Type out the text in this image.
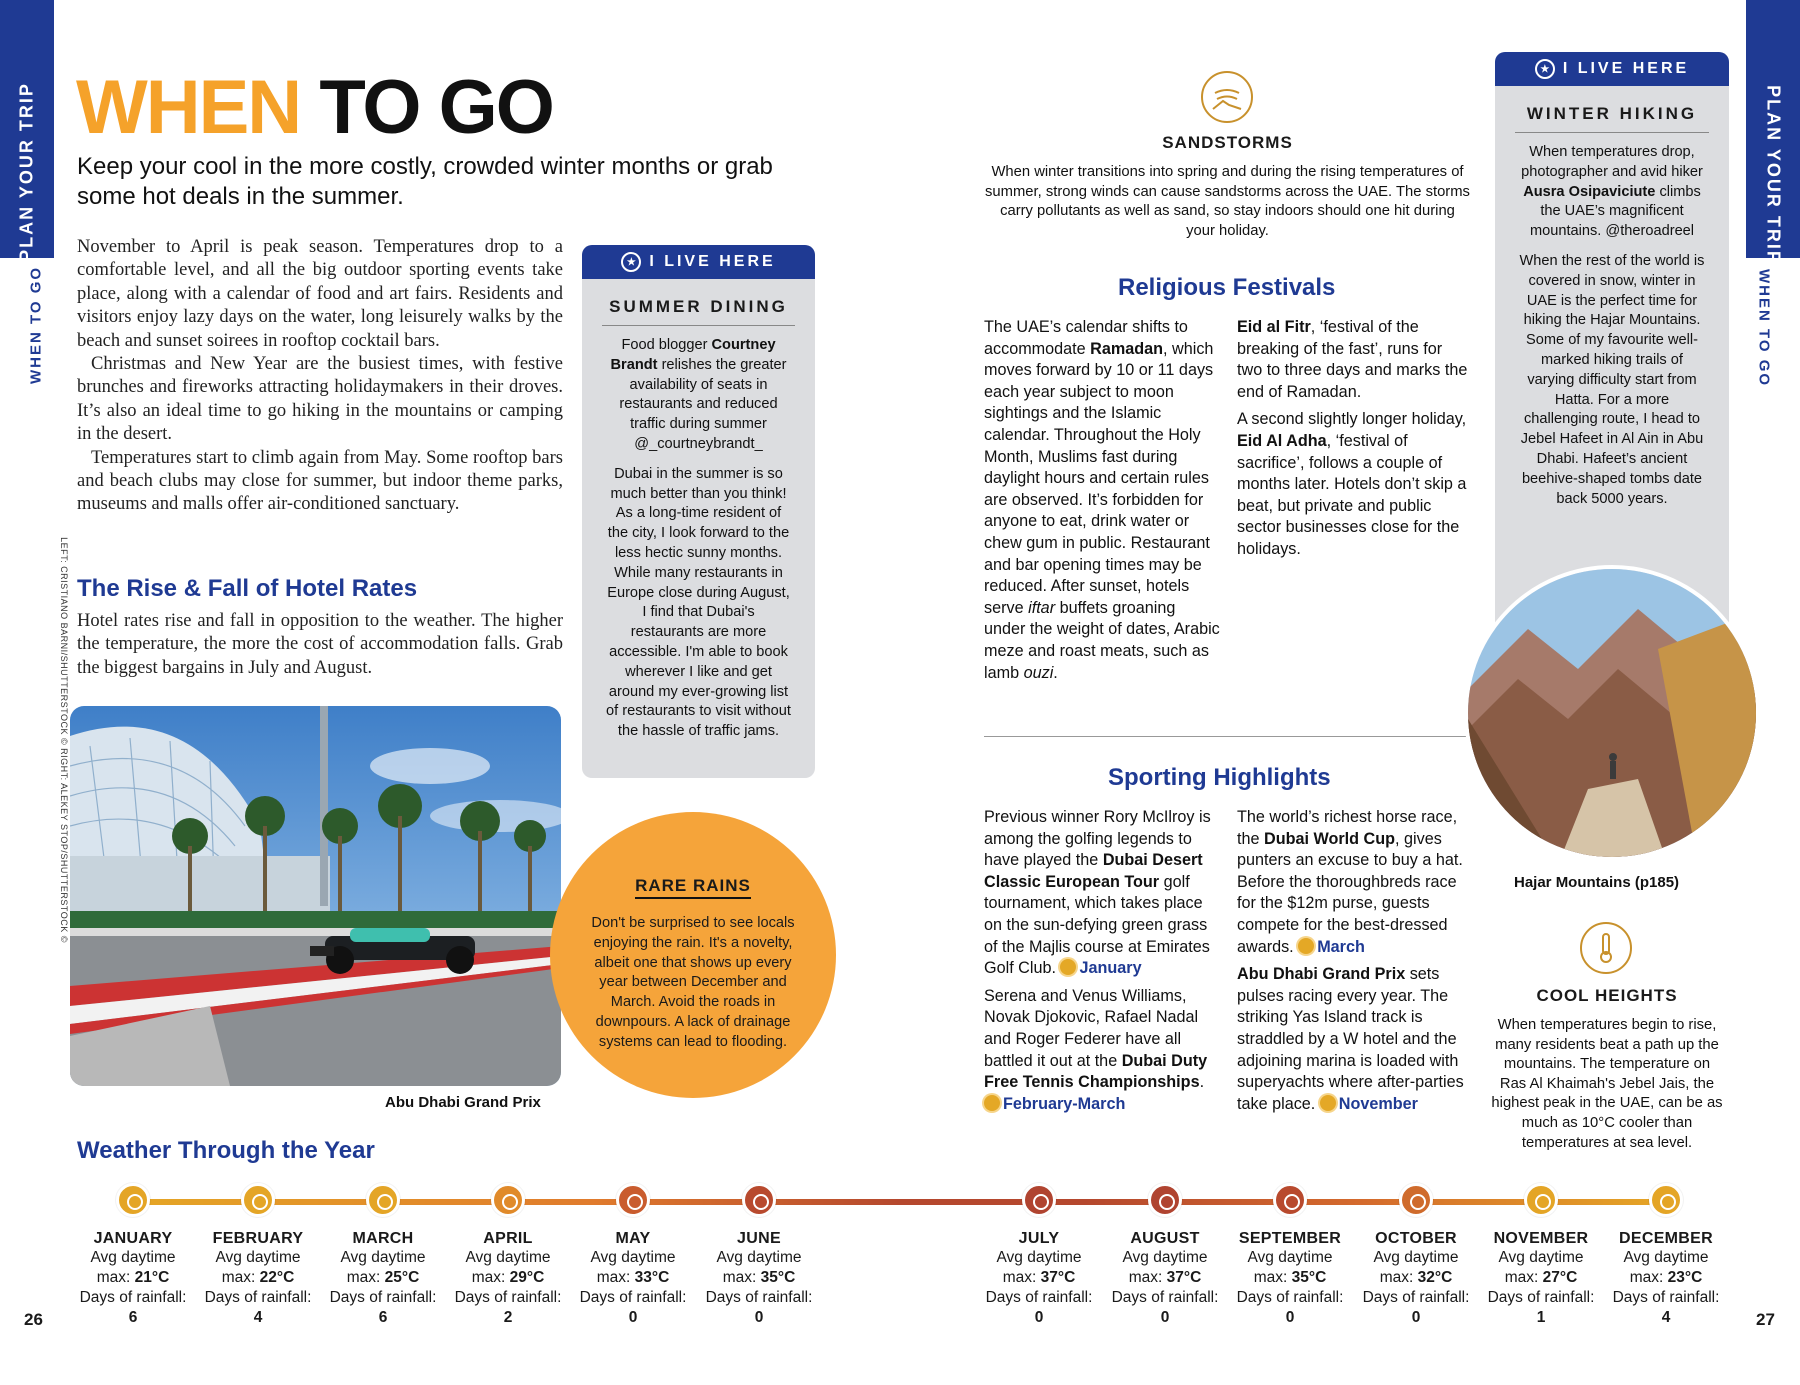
PLAN YOUR TRIP
WHEN TO GO
PLAN YOUR TRIP
WHEN TO GO
26	27
WHEN TO GO
Keep your cool in the more costly, crowded winter months or grab some hot deals in the summer.

November to April is peak season. Temperatures drop to a comfortable level, and all the big outdoor sporting events take place, along with a calendar of food and art fairs. Residents and visitors enjoy lazy days on the water, long leisurely walks by the beach and sunset soirees in rooftop cocktail bars.

Christmas and New Year are the busiest times, with festive brunches and fireworks attracting holidaymakers in their droves. It’s also an ideal time to go hiking in the mountains or camping in the desert.

Temperatures start to climb again from May. Some rooftop bars and beach clubs may close for summer, but indoor theme parks, museums and malls offer air-conditioned sanctuary.

The Rise & Fall of Hotel Rates
Hotel rates rise and fall in opposition to the weather. The higher the temperature, the more the cost of accommodation falls. Grab the biggest bargains in July and August.
Abu Dhabi Grand Prix
LEFT: CRISTIANO BARNI/SHUTTERSTOCK © RIGHT: ALEKEY STOP/SHUTTERSTOCK ©
★ I LIVE HERE
SUMMER DINING
Food blogger Courtney Brandt relishes the greater availability of seats in restaurants and reduced traffic during summer @_courtneybrandt_
Dubai in the summer is so much better than you think! As a long-time resident of the city, I look forward to the less hectic sunny months. While many restaurants in Europe close during August, I find that Dubai's restaurants are more accessible. I'm able to book wherever I like and get around my ever-growing list of restaurants to visit without the hassle of traffic jams.
RARE RAINS
Don't be surprised to see locals enjoying the rain. It's a novelty, albeit one that shows up every year between December and March. Avoid the roads in downpours. A lack of drainage systems can lead to flooding.
SANDSTORMS
When winter transitions into spring and during the rising temperatures of summer, strong winds can cause sandstorms across the UAE. The storms carry pollutants as well as sand, so stay indoors should one hit during your holiday.
Religious Festivals

The UAE’s calendar shifts to accommodate Ramadan, which moves forward by 10 or 11 days each year subject to moon sightings and the Islamic calendar. Throughout the Holy Month, Muslims fast during daylight hours and certain rules are observed. It’s forbidden for anyone to eat, drink water or chew gum in public. Restaurant and bar opening times may be reduced. After sunset, hotels serve iftar buffets groaning under the weight of dates, Arabic meze and roast meats, such as lamb ouzi.

Eid al Fitr, ‘festival of the breaking of the fast’, runs for two to three days and marks the end of Ramadan.

A second slightly longer holiday, Eid Al Adha, ‘festival of sacrifice’, follows a couple of months later. Hotels don’t skip a beat, but private and public sector businesses close for the holidays.

Sporting Highlights

Previous winner Rory McIlroy is among the golfing legends to have played the Dubai Desert Classic European Tour golf tournament, which takes place on the sun-defying green grass of the Majlis course at Emirates Golf Club. January

Serena and Venus Williams, Novak Djokovic, Rafael Nadal and Roger Federer have all battled it out at the Dubai Duty Free Tennis Championships. February-March

The world’s richest horse race, the Dubai World Cup, gives punters an excuse to buy a hat. Before the thoroughbreds race for the $12m purse, guests compete for the best-dressed awards. March

Abu Dhabi Grand Prix sets pulses racing every year. The striking Yas Island track is straddled by a W hotel and the adjoining marina is loaded with superyachts where after-parties take place. November

★ I LIVE HERE
WINTER HIKING
When temperatures drop, photographer and avid hiker Ausra Osipaviciute climbs the UAE’s magnificent mountains. @theroadreel
When the rest of the world is covered in snow, winter in UAE is the perfect time for hiking the Hajar Mountains. Some of my favourite well-marked hiking trails of varying difficulty start from Hatta. For a more challenging route, I head to Jebel Hafeet in Al Ain in Abu Dhabi. Hafeet’s ancient beehive-shaped tombs date back 5000 years.
Hajar Mountains (p185)
COOL HEIGHTS
When temperatures begin to rise, many residents beat a path up the mountains. The temperature on Ras Al Khaimah's Jebel Jais, the highest peak in the UAE, can be as much as 10°C cooler than temperatures at sea level.
Weather Through the Year
JANUARY
Avg daytime
max: 21°C
Days of rainfall:
6
FEBRUARY
Avg daytime
max: 22°C
Days of rainfall:
4
MARCH
Avg daytime
max: 25°C
Days of rainfall:
6
APRIL
Avg daytime
max: 29°C
Days of rainfall:
2
MAY
Avg daytime
max: 33°C
Days of rainfall:
0
JUNE
Avg daytime
max: 35°C
Days of rainfall:
0
JULY
Avg daytime
max: 37°C
Days of rainfall:
0
AUGUST
Avg daytime
max: 37°C
Days of rainfall:
0
SEPTEMBER
Avg daytime
max: 35°C
Days of rainfall:
0
OCTOBER
Avg daytime
max: 32°C
Days of rainfall:
0
NOVEMBER
Avg daytime
max: 27°C
Days of rainfall:
1
DECEMBER
Avg daytime
max: 23°C
Days of rainfall:
4
